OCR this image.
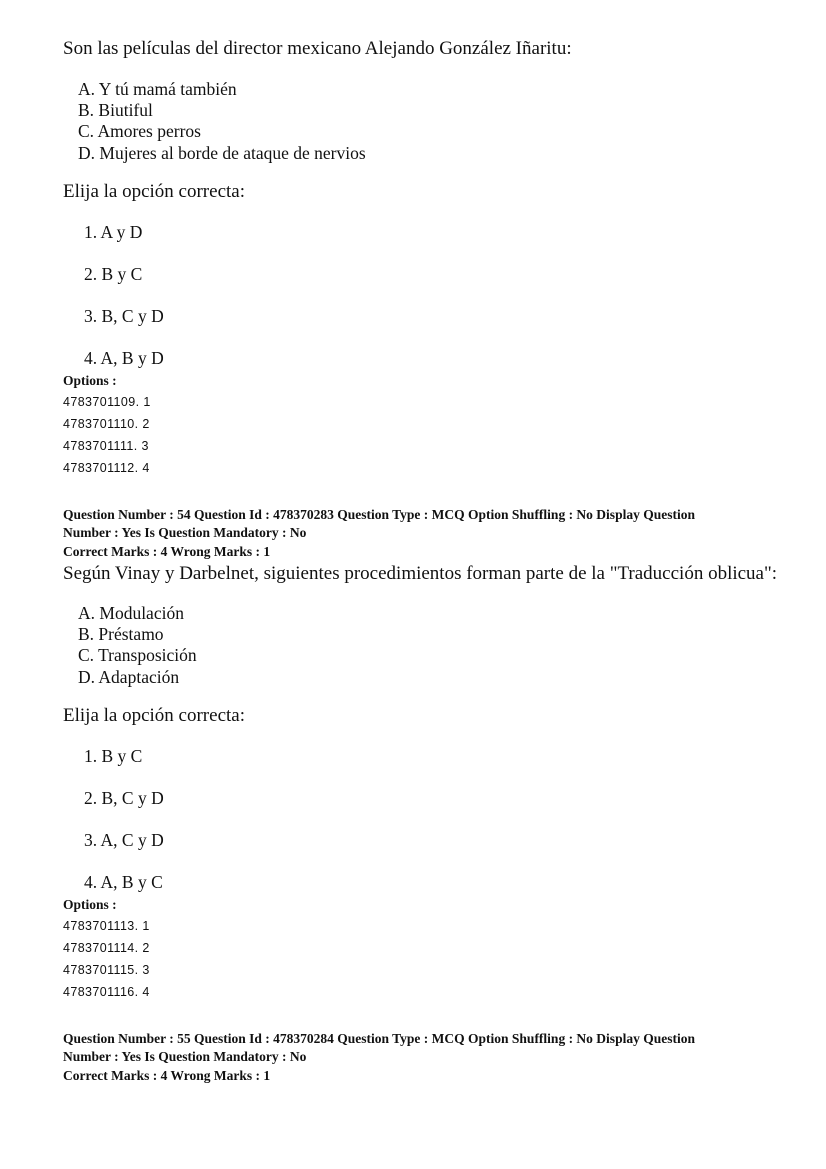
Son las películas del director mexicano Alejando González Iñaritu:
A. Y tú mamá también
B. Biutiful
C. Amores perros
D. Mujeres al borde de ataque de nervios
Elija la opción correcta:
1. A y D
2. B y C
3. B, C y D
4. A, B y D
Options :
4783701109. 1
4783701110. 2
4783701111. 3
4783701112. 4
Question Number : 54 Question Id : 478370283 Question Type : MCQ Option Shuffling : No Display Question
Number : Yes Is Question Mandatory : No
Correct Marks : 4 Wrong Marks : 1
Según Vinay y Darbelnet, siguientes procedimientos forman parte de la "Traducción oblicua":
A. Modulación
B. Préstamo
C. Transposición
D. Adaptación
Elija la opción correcta:
1. B y C
2. B, C y D
3. A, C y D
4. A, B y C
Options :
4783701113. 1
4783701114. 2
4783701115. 3
4783701116. 4
Question Number : 55 Question Id : 478370284 Question Type : MCQ Option Shuffling : No Display Question
Number : Yes Is Question Mandatory : No
Correct Marks : 4 Wrong Marks : 1
